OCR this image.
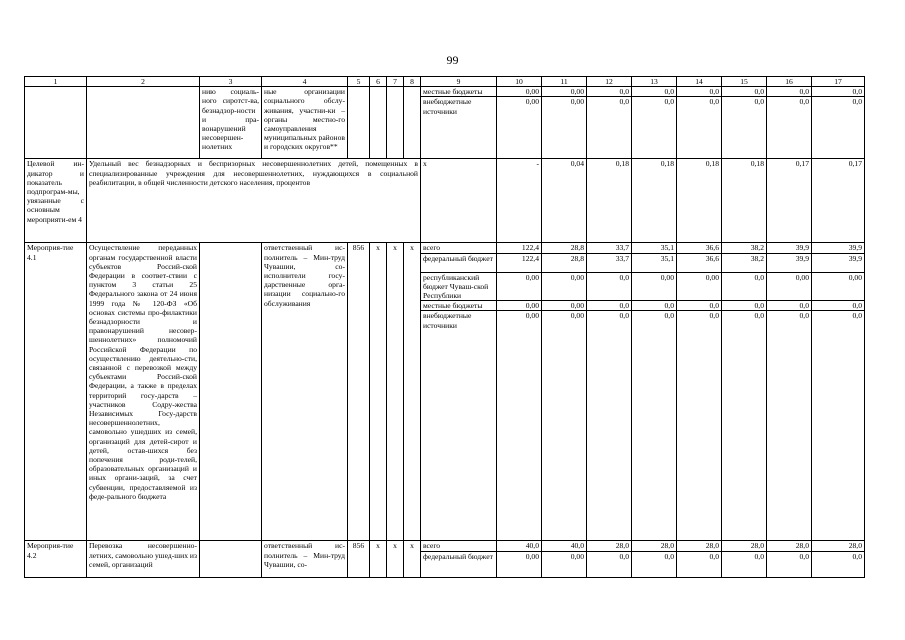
99
1	2	3	4	5	6	7	8	9	10	11	12	13	14	15	16	17
		нию социаль-ного сиротст-ва, безнадзор-ности и пра-вонарушений несовершен-нолетних	ные организации социального обслу-живания, участни-ки – органы местно-го самоуправления муниципальных районов и городских округов**					местные бюджеты	0,00	0,00	0,0	0,0	0,0	0,0	0,0	0,0
								внебюджетные источники	0,00	0,00	0,0	0,0	0,0	0,0	0,0	0,0
Целевой ин-дикатор и показатель подпрограм-мы, увязанные с основным мероприяти-ем 4	Удельный вес безнадзорных и беспризорных несовершеннолетних детей, помещенных в специализированные учреждения для несовершеннолетних, нуждающихся в социальной реабилитации, в общей численности детского населения, процентов							x	-	0,04	0,18	0,18	0,18	0,18	0,17	0,17
Мероприя-тие 4.1	Осуществление переданных органам государственной власти субъектов Россий-ской Федерации в соответ-ствии с пунктом 3 статьи 25 Федерального закона от 24 июня 1999 года № 120-ФЗ «Об основах системы про-филактики безнадзорности и правонарушений несовер-шеннолетних» полномочий Российской Федерации по осуществлению деятельно-сти, связанной с перевозкой между субъектами Россий-ской Федерации, а также в пределах территорий госу-дарств – участников Содру-жества Независимых Госу-дарств несовершеннолетних, самовольно ушедших из семей, организаций для детей-сирот и детей, остав-шихся без попечения роди-телей, образовательных организаций и иных органи-заций, за счет субвенции, предоставляемой из феде-рального бюджета		ответственный ис-полнитель – Мин-труд Чувашии, со-исполнители госу-дарственные орга-низации социально-го обслуживания	856	x	x	x	всего	122,4	28,8	33,7	35,1	36,6	38,2	39,9	39,9
								федеральный бюджет	122,4	28,8	33,7	35,1	36,6	38,2	39,9	39,9
								республиканский бюджет Чуваш-ской Республики	0,00	0,00	0,0	0,00	0,00	0,0	0,00	0,00
								местные бюджеты	0,00	0,00	0,0	0,0	0,0	0,0	0,0	0,0
								внебюджетные источники	0,00	0,00	0,0	0,0	0,0	0,0	0,0	0,0
Мероприя-тие 4.2	Перевозка несовершенно-летних, самовольно ушед-ших из семей, организаций		ответственный ис-полнитель – Мин-труд Чувашии, со-	856	x	x	x	всего	40,0	40,0	28,0	28,0	28,0	28,0	28,0	28,0
								федеральный бюджет	0,00	0,00	0,0	0,0	0,0	0,0	0,0	0,0
